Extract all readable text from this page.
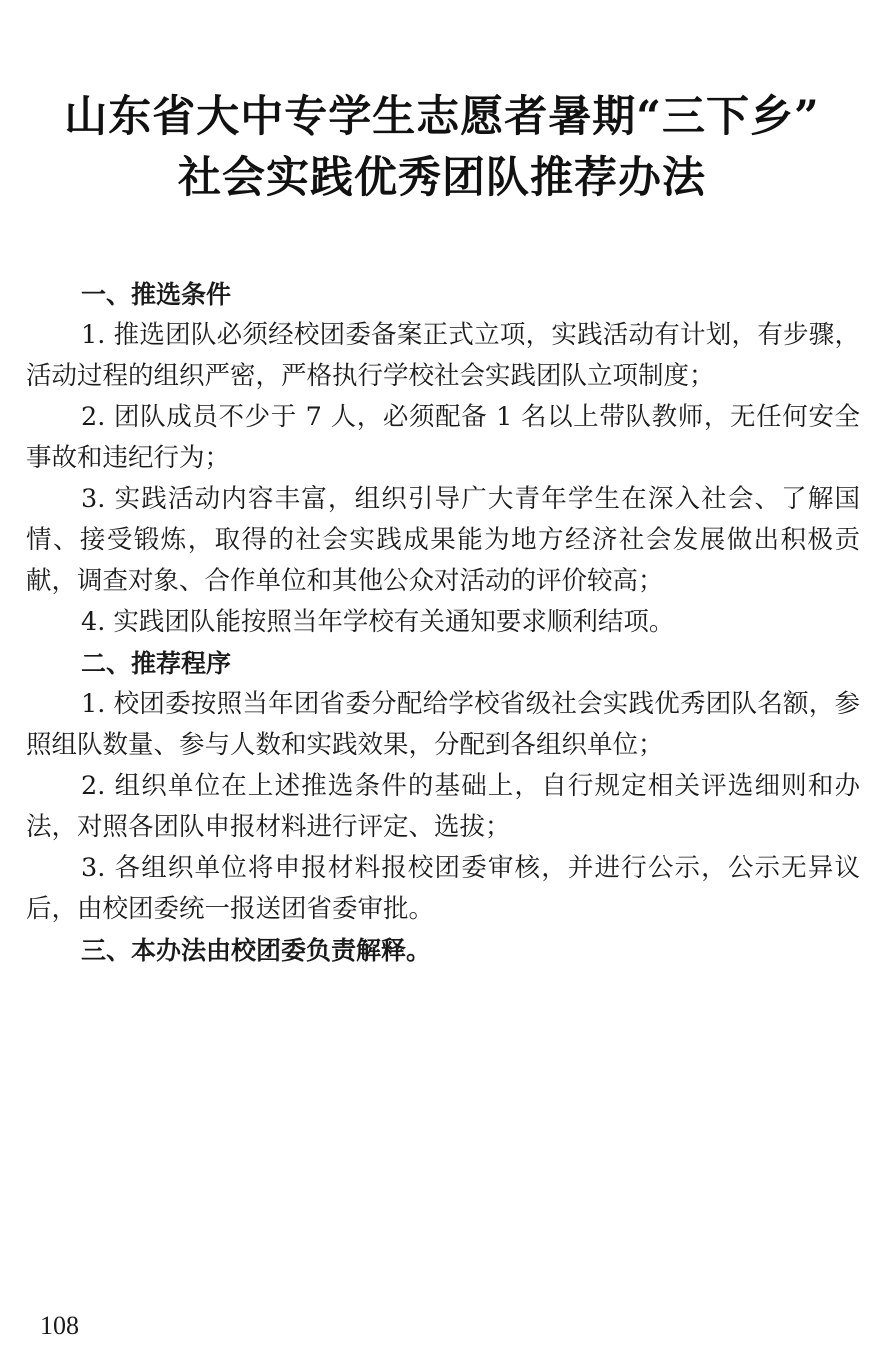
山东省大中专学生志愿者暑期“三下乡”
社会实践优秀团队推荐办法
一、推选条件

1. 推选团队必须经校团委备案正式立项，实践活动有计划，有步骤，活动过程的组织严密，严格执行学校社会实践团队立项制度；

2. 团队成员不少于 7 人，必须配备 1 名以上带队教师，无任何安全事故和违纪行为；

3. 实践活动内容丰富，组织引导广大青年学生在深入社会、了解国情、接受锻炼，取得的社会实践成果能为地方经济社会发展做出积极贡献，调查对象、合作单位和其他公众对活动的评价较高；

4. 实践团队能按照当年学校有关通知要求顺利结项。

二、推荐程序

1. 校团委按照当年团省委分配给学校省级社会实践优秀团队名额，参照组队数量、参与人数和实践效果，分配到各组织单位；

2. 组织单位在上述推选条件的基础上，自行规定相关评选细则和办法，对照各团队申报材料进行评定、选拔；

3. 各组织单位将申报材料报校团委审核，并进行公示，公示无异议后，由校团委统一报送团省委审批。

三、本办法由校团委负责解释。
108
